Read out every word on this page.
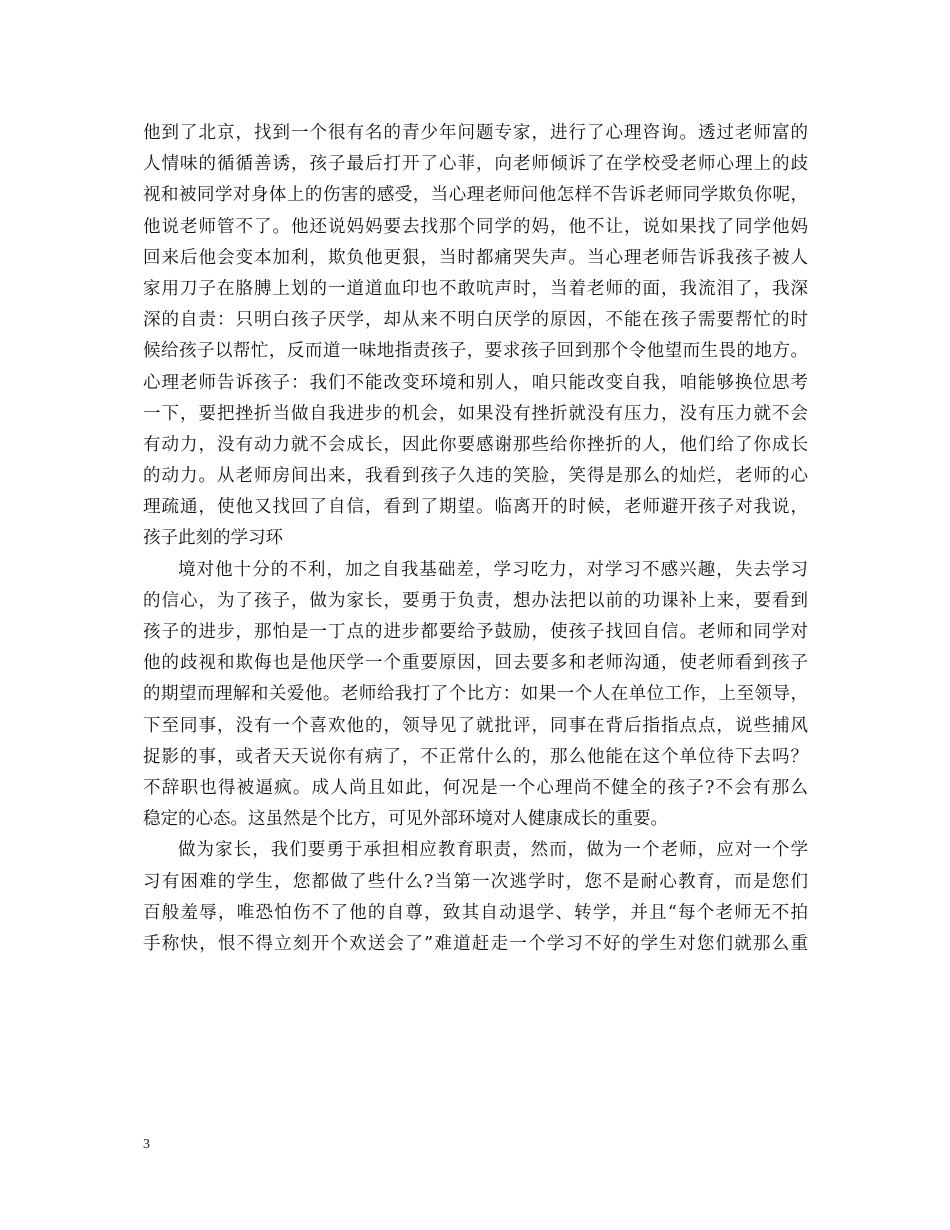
他到了北京，找到一个很有名的青少年问题专家，进行了心理咨询。透过老师富的
人情味的循循善诱，孩子最后打开了心菲，向老师倾诉了在学校受老师心理上的歧
视和被同学对身体上的伤害的感受，当心理老师问他怎样不告诉老师同学欺负你呢，
他说老师管不了。他还说妈妈要去找那个同学的妈，他不让，说如果找了同学他妈
回来后他会变本加利，欺负他更狠，当时都痛哭失声。当心理老师告诉我孩子被人
家用刀子在胳膊上划的一道道血印也不敢吭声时，当着老师的面，我流泪了，我深
深的自责：只明白孩子厌学，却从来不明白厌学的原因，不能在孩子需要帮忙的时
候给孩子以帮忙，反而道一味地指责孩子，要求孩子回到那个令他望而生畏的地方。
心理老师告诉孩子：我们不能改变环境和别人，咱只能改变自我，咱能够换位思考
一下，要把挫折当做自我进步的机会，如果没有挫折就没有压力，没有压力就不会
有动力，没有动力就不会成长，因此你要感谢那些给你挫折的人，他们给了你成长
的动力。从老师房间出来，我看到孩子久违的笑脸，笑得是那么的灿烂，老师的心
理疏通，使他又找回了自信，看到了期望。临离开的时候，老师避开孩子对我说，
孩子此刻的学习环
境对他十分的不利，加之自我基础差，学习吃力，对学习不感兴趣，失去学习
的信心，为了孩子，做为家长，要勇于负责，想办法把以前的功课补上来，要看到
孩子的进步，那怕是一丁点的进步都要给予鼓励，使孩子找回自信。老师和同学对
他的歧视和欺侮也是他厌学一个重要原因，回去要多和老师沟通，使老师看到孩子
的期望而理解和关爱他。老师给我打了个比方：如果一个人在单位工作，上至领导，
下至同事，没有一个喜欢他的，领导见了就批评，同事在背后指指点点，说些捕风
捉影的事，或者天天说你有病了，不正常什么的，那么他能在这个单位待下去吗？
不辞职也得被逼疯。成人尚且如此，何况是一个心理尚不健全的孩子?不会有那么
稳定的心态。这虽然是个比方，可见外部环境对人健康成长的重要。
做为家长，我们要勇于承担相应教育职责，然而，做为一个老师，应对一个学
习有困难的学生，您都做了些什么?当第一次逃学时，您不是耐心教育，而是您们
百般羞辱，唯恐怕伤不了他的自尊，致其自动退学、转学，并且“每个老师无不拍
手称快，恨不得立刻开个欢送会了”难道赶走一个学习不好的学生对您们就那么重
3
